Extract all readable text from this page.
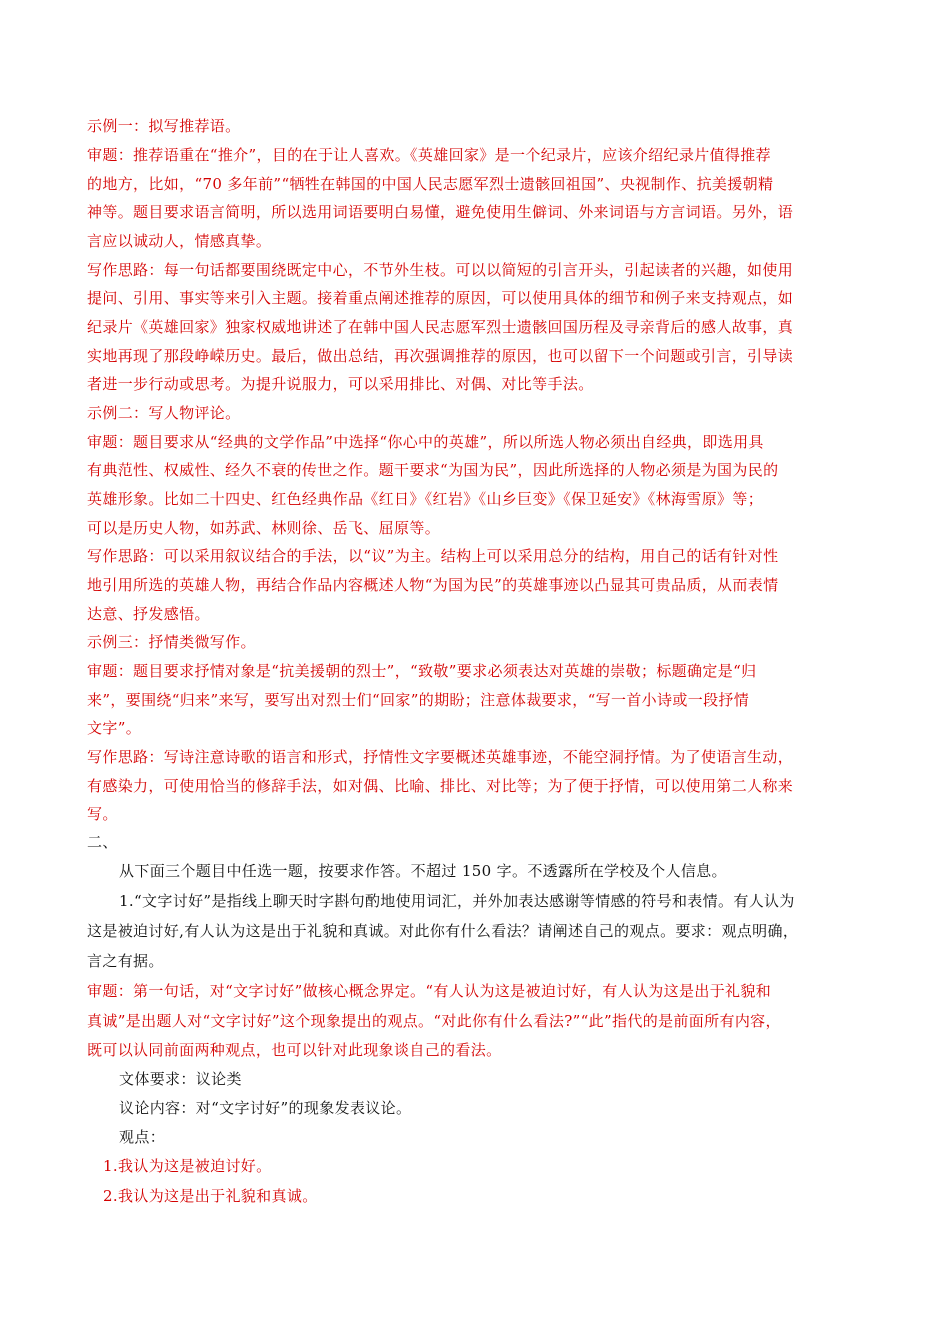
示例一：拟写推荐语。
审题：推荐语重在“推介”，目的在于让人喜欢。《英雄回家》是一个纪录片，应该介绍纪录片值得推荐
的地方，比如，“70 多年前”“牺牲在韩国的中国人民志愿军烈士遗骸回祖国”、央视制作、抗美援朝精
神等。题目要求语言简明，所以选用词语要明白易懂，避免使用生僻词、外来词语与方言词语。另外，语
言应以诚动人，情感真挚。
写作思路：每一句话都要围绕既定中心，不节外生枝。可以以简短的引言开头，引起读者的兴趣，如使用
提问、引用、事实等来引入主题。接着重点阐述推荐的原因，可以使用具体的细节和例子来支持观点，如
纪录片《英雄回家》独家权威地讲述了在韩中国人民志愿军烈士遗骸回国历程及寻亲背后的感人故事，真
实地再现了那段峥嵘历史。最后，做出总结，再次强调推荐的原因，也可以留下一个问题或引言，引导读
者进一步行动或思考。为提升说服力，可以采用排比、对偶、对比等手法。
示例二：写人物评论。
审题：题目要求从“经典的文学作品”中选择“你心中的英雄”，所以所选人物必须出自经典，即选用具
有典范性、权威性、经久不衰的传世之作。题干要求“为国为民”，因此所选择的人物必须是为国为民的
英雄形象。比如二十四史、红色经典作品《红日》《红岩》《山乡巨变》《保卫延安》《林海雪原》等；
可以是历史人物，如苏武、林则徐、岳飞、屈原等。
写作思路：可以采用叙议结合的手法，以“议”为主。结构上可以采用总分的结构，用自己的话有针对性
地引用所选的英雄人物，再结合作品内容概述人物“为国为民”的英雄事迹以凸显其可贵品质，从而表情
达意、抒发感悟。
示例三：抒情类微写作。
审题：题目要求抒情对象是“抗美援朝的烈士”，“致敬”要求必须表达对英雄的崇敬；标题确定是“归
来”，要围绕“归来”来写，要写出对烈士们“回家”的期盼；注意体裁要求，“写一首小诗或一段抒情
文字”。
写作思路：写诗注意诗歌的语言和形式，抒情性文字要概述英雄事迹，不能空洞抒情。为了使语言生动，
有感染力，可使用恰当的修辞手法，如对偶、比喻、排比、对比等；为了便于抒情，可以使用第二人称来
写。
二、
从下面三个题目中任选一题，按要求作答。不超过 150 字。不透露所在学校及个人信息。
1.“文字讨好”是指线上聊天时字斟句酌地使用词汇，并外加表达感谢等情感的符号和表情。有人认为
这是被迫讨好,有人认为这是出于礼貌和真诚。对此你有什么看法？请阐述自己的观点。要求：观点明确，
言之有据。
审题：第一句话，对“文字讨好”做核心概念界定。“有人认为这是被迫讨好，有人认为这是出于礼貌和
真诚”是出题人对“文字讨好”这个现象提出的观点。“对此你有什么看法?”“此”指代的是前面所有内容，
既可以认同前面两种观点，也可以针对此现象谈自己的看法。
文体要求：议论类
议论内容：对“文字讨好”的现象发表议论。
观点：
1.我认为这是被迫讨好。
2.我认为这是出于礼貌和真诚。
